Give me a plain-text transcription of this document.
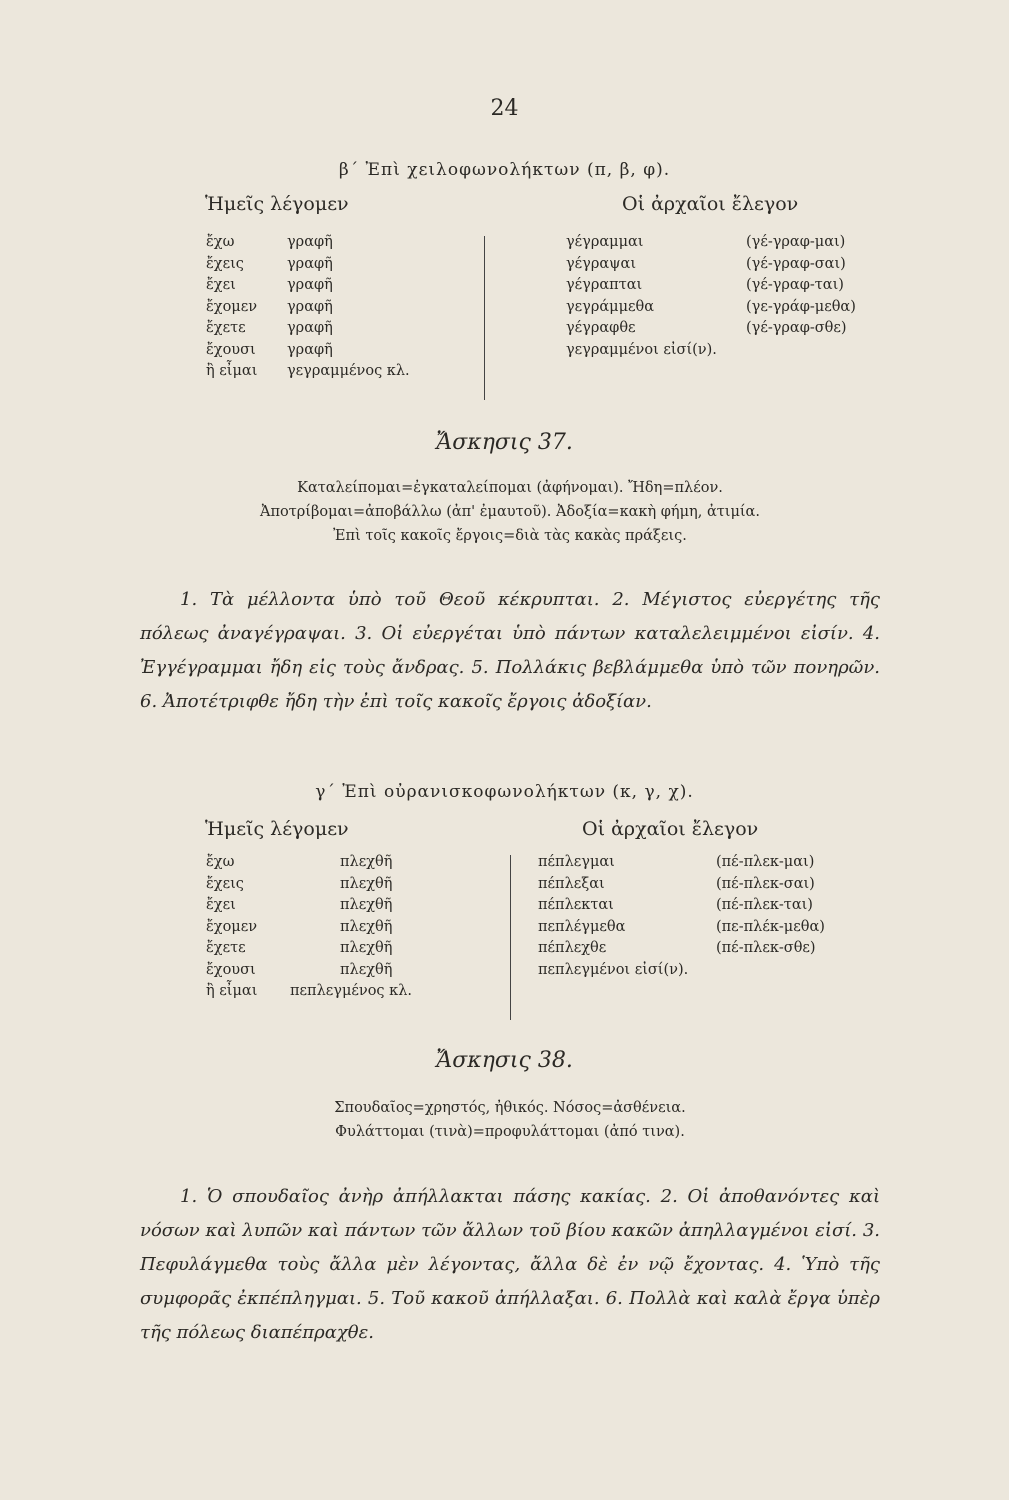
24
β΄ Ἐπὶ χειλοφωνολήκτων (π, β, φ).
Ἡμεῖς λέγομεν	Οἱ ἀρχαῖοι ἔλεγον
ἔχω
ἔχεις
ἔχει
ἔχομεν
ἔχετε
ἔχουσι
ἢ εἶμαι
γραφῆ
γραφῆ
γραφῆ
γραφῆ
γραφῆ
γραφῆ
γεγραμμένος κλ.
γέγραμμαι
γέγραψαι
γέγραπται
γεγράμμεθα
γέγραφθε
γεγραμμένοι εἰσί(ν).
(γέ-γραφ-μαι)
(γέ-γραφ-σαι)
(γέ-γραφ-ται)
(γε-γράφ-μεθα)
(γέ-γραφ-σθε)
Ἄσκησις 37.
Καταλείπομαι=ἐγκαταλείπομαι (ἀφήνομαι). Ἤδη=πλέον.
Ἀποτρίβομαι=ἀποβάλλω (ἀπ' ἐμαυτοῦ). Ἀδοξία=κακὴ φήμη, ἀτιμία.
Ἐπὶ τοῖς κακοῖς ἔργοις=διὰ τὰς κακὰς πράξεις.
1. Τὰ μέλλοντα ὑπὸ τοῦ Θεοῦ κέκρυπται. 2. Μέγιστος εὐεργέτης τῆς πόλεως ἀναγέγραψαι. 3. Οἱ εὐεργέται ὑπὸ πάντων καταλελειμμένοι εἰσίν. 4. Ἐγγέγραμμαι ἤδη εἰς τοὺς ἄνδρας. 5. Πολλάκις βεβλάμμεθα ὑπὸ τῶν πονηρῶν. 6. Ἀποτέτριφθε ἤδη τὴν ἐπὶ τοῖς κακοῖς ἔργοις ἀδοξίαν.
γ΄ Ἐπὶ οὐρανισκοφωνολήκτων (κ, γ, χ).
Ἡμεῖς λέγομεν	Οἱ ἀρχαῖοι ἔλεγον
ἔχω
ἔχεις
ἔχει
ἔχομεν
ἔχετε
ἔχουσι
ἢ εἶμαι
πλεχθῆ
πλεχθῆ
πλεχθῆ
πλεχθῆ
πλεχθῆ
πλεχθῆ
πεπλεγμένος κλ.
πέπλεγμαι
πέπλεξαι
πέπλεκται
πεπλέγμεθα
πέπλεχθε
πεπλεγμένοι εἰσί(ν).
(πέ-πλεκ-μαι)
(πέ-πλεκ-σαι)
(πέ-πλεκ-ται)
(πε-πλέκ-μεθα)
(πέ-πλεκ-σθε)
Ἄσκησις 38.
Σπουδαῖος=χρηστός, ἠθικός. Νόσος=ἀσθένεια.
Φυλάττομαι (τινὰ)=προφυλάττομαι (ἀπό τινα).
1. Ὁ σπουδαῖος ἀνὴρ ἀπήλλακται πάσης κακίας. 2. Οἱ ἀποθανόντες καὶ νόσων καὶ λυπῶν καὶ πάντων τῶν ἄλλων τοῦ βίου κακῶν ἀπηλλαγμένοι εἰσί. 3. Πεφυλάγμεθα τοὺς ἄλλα μὲν λέγοντας, ἄλλα δὲ ἐν νῷ ἔχοντας. 4. Ὑπὸ τῆς συμφορᾶς ἐκπέπληγμαι. 5. Τοῦ κακοῦ ἀπήλλαξαι. 6. Πολλὰ καὶ καλὰ ἔργα ὑπὲρ τῆς πόλεως διαπέπραχθε.
